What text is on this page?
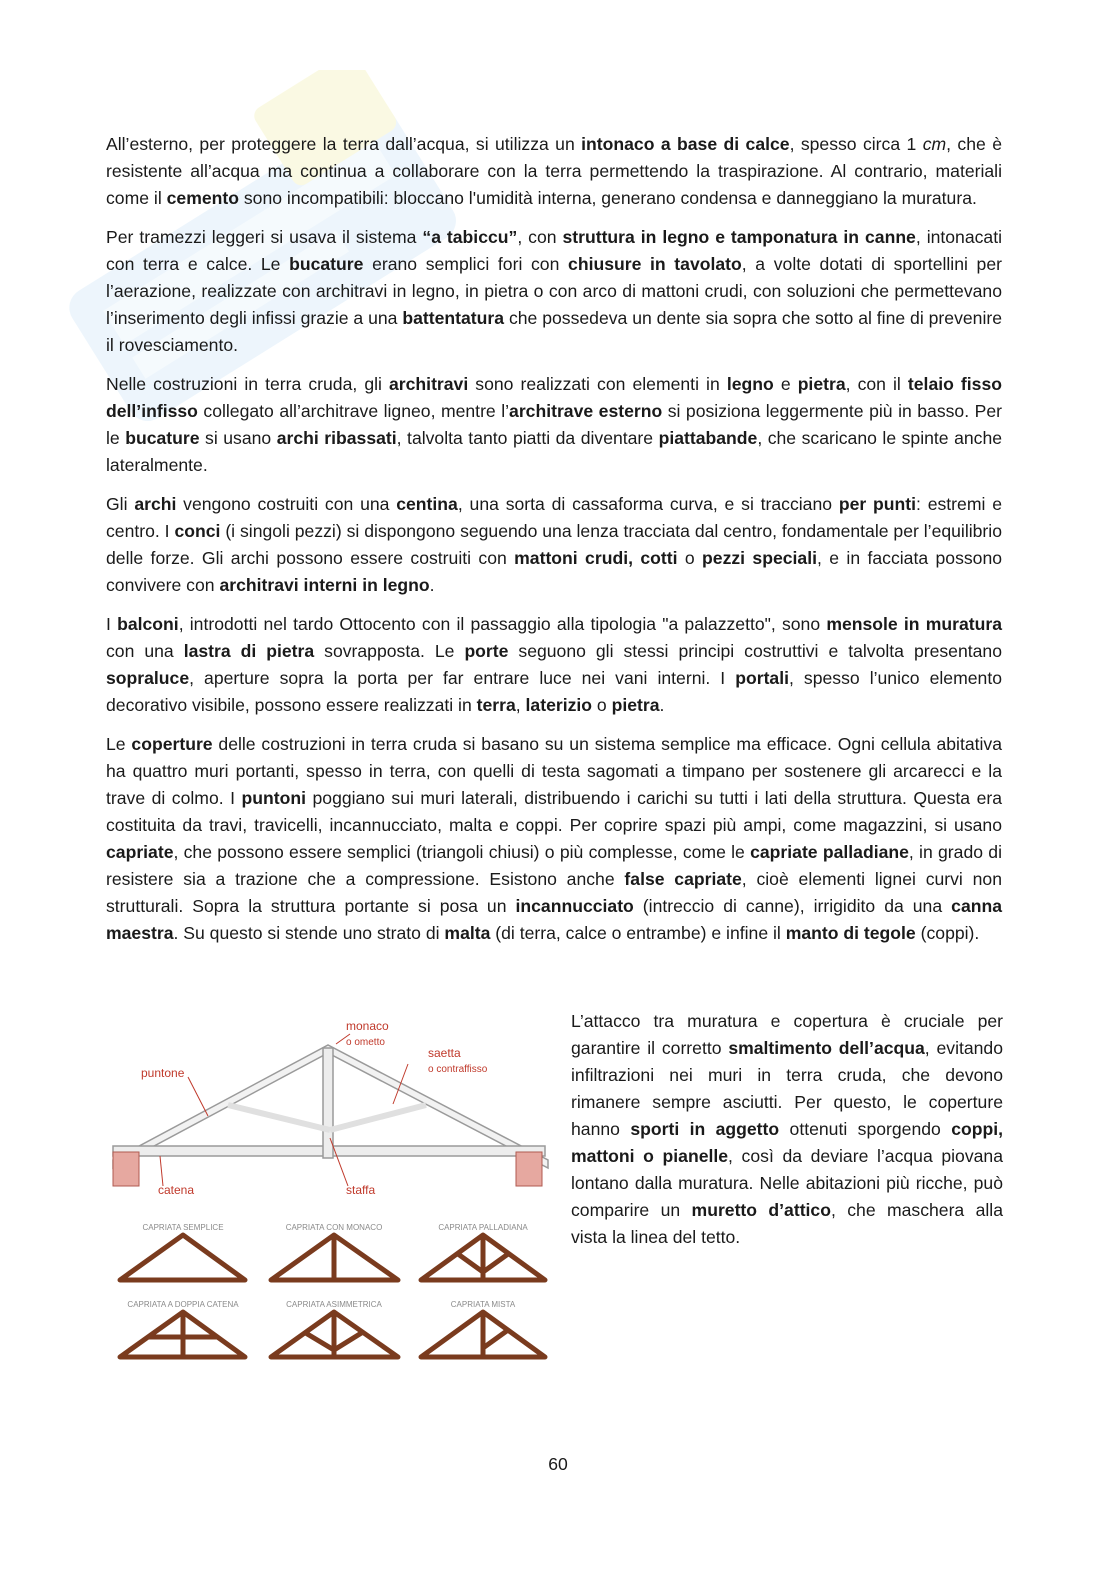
All’esterno, per proteggere la terra dall’acqua, si utilizza un intonaco a base di calce, spesso circa 1 cm, che è resistente all’acqua ma continua a collaborare con la terra permettendo la traspirazione. Al contrario, materiali come il cemento sono incompatibili: bloccano l'umidità interna, generano condensa e danneggiano la muratura.

Per tramezzi leggeri si usava il sistema “a tabiccu”, con struttura in legno e tamponatura in canne, intonacati con terra e calce. Le bucature erano semplici fori con chiusure in tavolato, a volte dotati di sportellini per l’aerazione, realizzate con architravi in legno, in pietra o con arco di mattoni crudi, con soluzioni che permettevano l’inserimento degli infissi grazie a una battentatura che possedeva un dente sia sopra che sotto al fine di prevenire il rovesciamento.

Nelle costruzioni in terra cruda, gli architravi sono realizzati con elementi in legno e pietra, con il telaio fisso dell’infisso collegato all’architrave ligneo, mentre l’architrave esterno si posiziona leggermente più in basso. Per le bucature si usano archi ribassati, talvolta tanto piatti da diventare piattabande, che scaricano le spinte anche lateralmente.

Gli archi vengono costruiti con una centina, una sorta di cassaforma curva, e si tracciano per punti: estremi e centro. I conci (i singoli pezzi) si dispongono seguendo una lenza tracciata dal centro, fondamentale per l’equilibrio delle forze. Gli archi possono essere costruiti con mattoni crudi, cotti o pezzi speciali, e in facciata possono convivere con architravi interni in legno.

I balconi, introdotti nel tardo Ottocento con il passaggio alla tipologia "a palazzetto", sono mensole in muratura con una lastra di pietra sovrapposta. Le porte seguono gli stessi principi costruttivi e talvolta presentano sopraluce, aperture sopra la porta per far entrare luce nei vani interni. I portali, spesso l’unico elemento decorativo visibile, possono essere realizzati in terra, laterizio o pietra.

Le coperture delle costruzioni in terra cruda si basano su un sistema semplice ma efficace. Ogni cellula abitativa ha quattro muri portanti, spesso in terra, con quelli di testa sagomati a timpano per sostenere gli arcarecci e la trave di colmo. I puntoni poggiano sui muri laterali, distribuendo i carichi su tutti i lati della struttura. Questa era costituita da travi, travicelli, incannucciato, malta e coppi. Per coprire spazi più ampi, come magazzini, si usano capriate, che possono essere semplici (triangoli chiusi) o più complesse, come le capriate palladiane, in grado di resistere sia a trazione che a compressione. Esistono anche false capriate, cioè elementi lignei curvi non strutturali. Sopra la struttura portante si posa un incannucciato (intreccio di canne), irrigidito da una canna maestra. Su questo si stende uno strato di malta (di terra, calce o entrambe) e infine il manto di tegole (coppi).

monaco
o ometto
saetta
o contraffisso
puntone
catena	staffa
CAPRIATA SEMPLICE	CAPRIATA CON MONACO	CAPRIATA PALLADIANA
CAPRIATA A DOPPIA CATENA	CAPRIATA ASIMMETRICA	CAPRIATA MISTA

L’attacco tra muratura e copertura è cruciale per garantire il corretto smaltimento dell’acqua, evitando infiltrazioni nei muri in terra cruda, che devono rimanere sempre asciutti. Per questo, le coperture hanno sporti in aggetto ottenuti sporgendo coppi, mattoni o pianelle, così da deviare l’acqua piovana lontano dalla muratura. Nelle abitazioni più ricche, può comparire un muretto d’attico, che maschera alla vista la linea del tetto.

60
